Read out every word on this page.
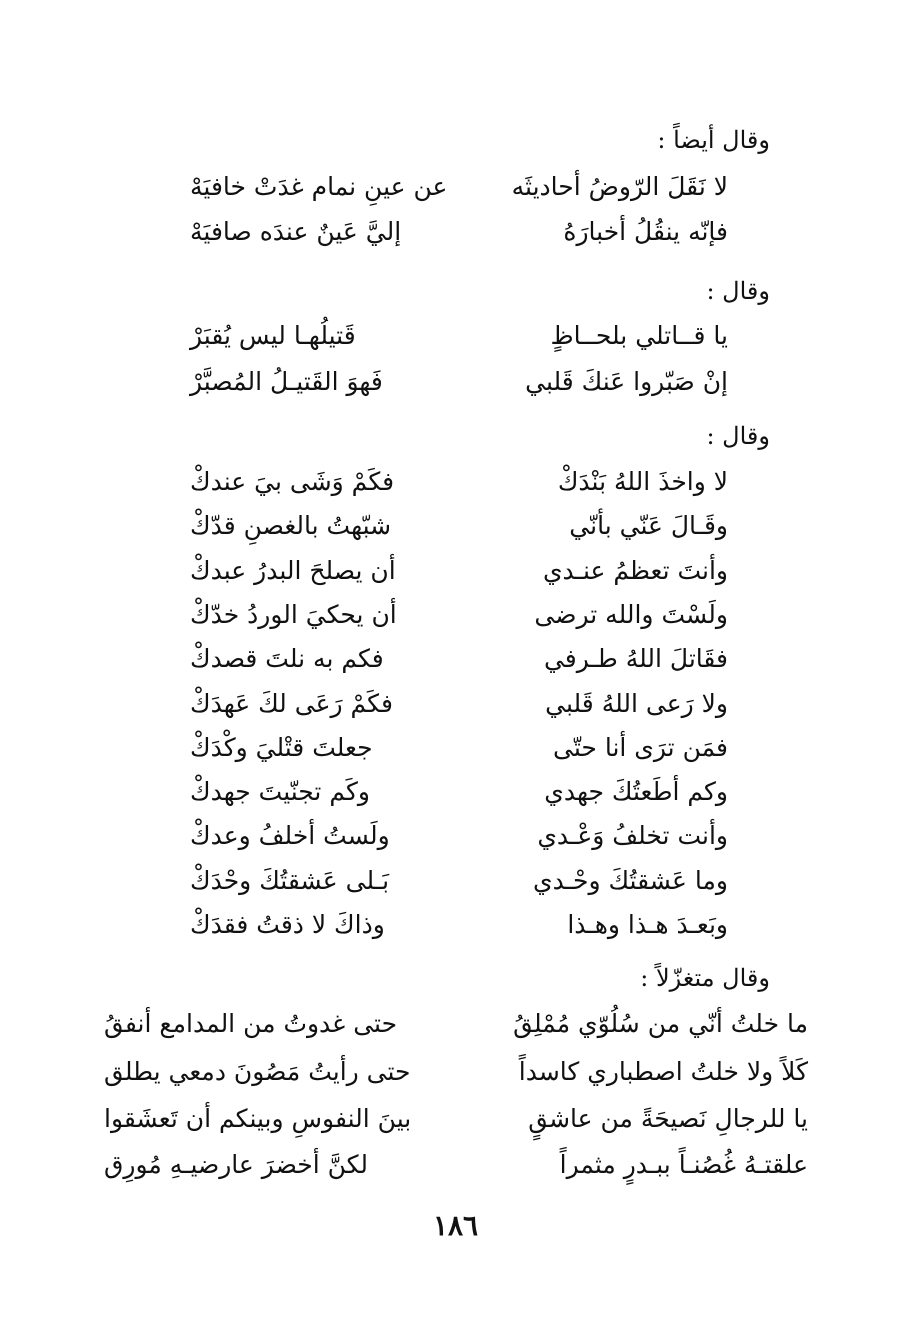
وقال أيضاً :
لا نَقَلَ الرّوضُ أحاديثَه
عن عينِ نمام غدَتْ خافيَهْ
فإنّه ينقُلُ أخبارَهُ
إليَّ عَينٌ عندَه صافيَهْ
وقال :
يا قــاتلي بلحــاظٍ
قَتيلُهـا ليس يُقبَرْ
إنْ صَبّروا عَنكَ قَلبي
فَهوَ القَتيـلُ المُصبَّرْ
وقال :
لا واخذَ اللهُ بَنْدَكْ
فكَمْ وَشَى بيَ عندكْ
وقَـالَ عَنّي بأنّي
شبّهتُ بالغصنِ قدّكْ
وأنتَ تعظمُ عنـدي
أن يصلحَ البدرُ عبدكْ
ولَسْتَ والله ترضى
أن يحكيَ الوردُ خدّكْ
فقَاتلَ اللهُ طـرفي
فكم به نلتَ قصدكْ
ولا رَعى اللهُ قَلبي
فكَمْ رَعَى لكَ عَهدَكْ
فمَن ترَى أنا حتّى
جعلتَ قتْليَ وكْدَكْ
وكم أطَعتُكَ جهدي
وكَم تجنّيتَ جهدكْ
وأنت تخلفُ وَعْـدي
ولَستُ أخلفُ وعدكْ
وما عَشقتُكَ وحْـدي
بَـلى عَشقتُكَ وحْدَكْ
وبَعـدَ هـذا وهـذا
وذاكَ لا ذقتُ فقدَكْ
وقال متغزّلاً :
ما خلتُ أنّي من سُلُوّي مُمْلِقُ
حتى غدوتُ من المدامع أنفقُ
كَلاً ولا خلتُ اصطباري كاسداً
حتى رأيتُ مَصُونَ دمعي يطلق
يا للرجالِ نَصيحَةً من عاشقٍ
بينَ النفوسِ وبينكم أن تَعشَقوا
علقتـهُ غُصُنـاً ببـدرٍ مثمراً
لكنَّ أخضرَ عارضيـهِ مُورِق
١٨٦
